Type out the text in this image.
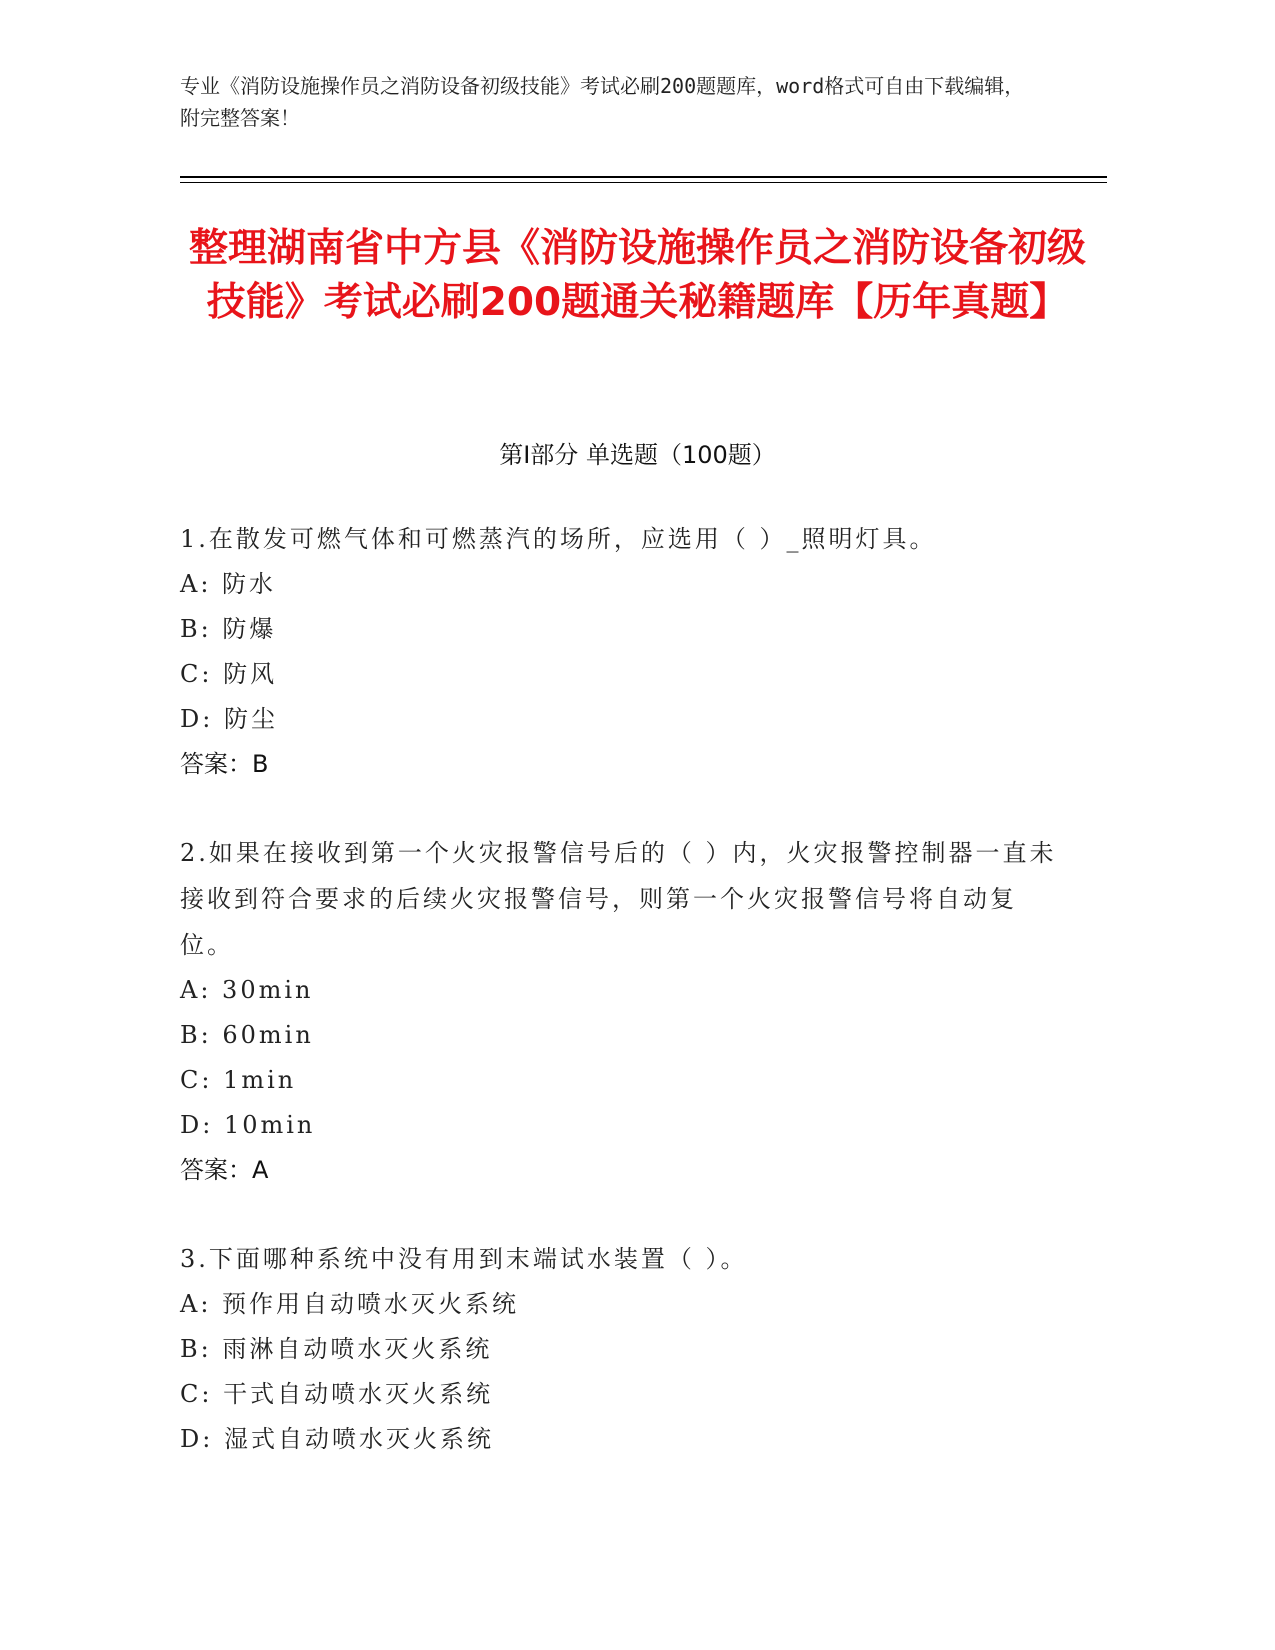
专业《消防设施操作员之消防设备初级技能》考试必刷200题题库，word格式可自由下载编辑，附完整答案！
整理湖南省中方县《消防设施操作员之消防设备初级技能》考试必刷200题通关秘籍题库【历年真题】
第I部分 单选题（100题）
1.在散发可燃气体和可燃蒸汽的场所，应选用（ ）_照明灯具。
A: 防水
B: 防爆
C: 防风
D: 防尘
答案：B
2.如果在接收到第一个火灾报警信号后的（ ）内，火灾报警控制器一直未接收到符合要求的后续火灾报警信号，则第一个火灾报警信号将自动复位。
A: 30min
B: 60min
C: 1min
D: 10min
答案：A
3.下面哪种系统中没有用到末端试水装置（ ）。
A: 预作用自动喷水灭火系统
B: 雨淋自动喷水灭火系统
C: 干式自动喷水灭火系统
D: 湿式自动喷水灭火系统
